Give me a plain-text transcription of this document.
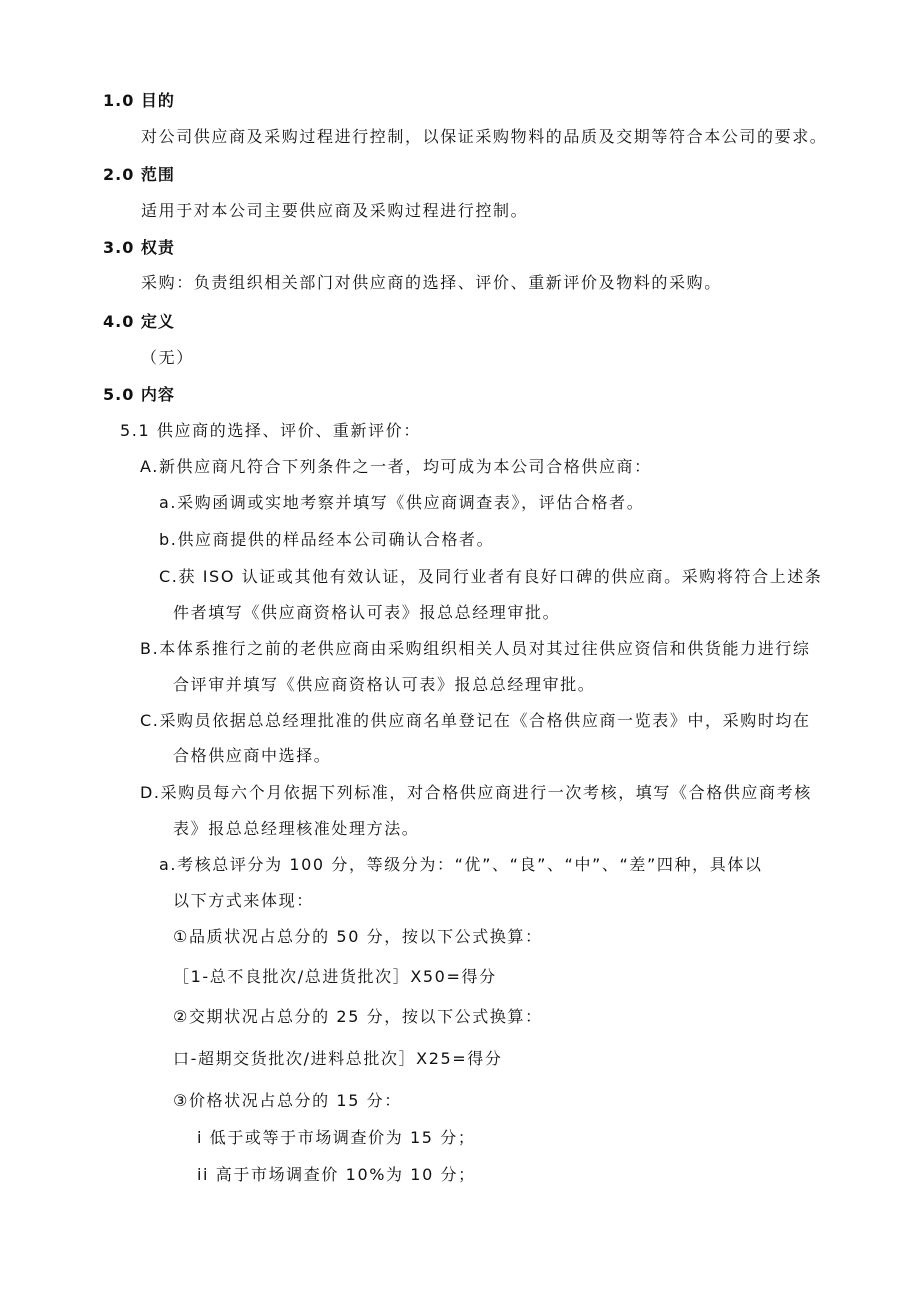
1.0 目的
对公司供应商及采购过程进行控制，以保证采购物料的品质及交期等符合本公司的要求。
2.0 范围
适用于对本公司主要供应商及采购过程进行控制。
3.0 权责
采购：负责组织相关部门对供应商的选择、评价、重新评价及物料的采购。
4.0 定义
（无）
5.0 内容
5.1 供应商的选择、评价、重新评价：
A.新供应商凡符合下列条件之一者，均可成为本公司合格供应商：
a.采购函调或实地考察并填写《供应商调查表》，评估合格者。
b.供应商提供的样品经本公司确认合格者。
C.获 ISO 认证或其他有效认证，及同行业者有良好口碑的供应商。采购将符合上述条
件者填写《供应商资格认可表》报总总经理审批。
B.本体系推行之前的老供应商由采购组织相关人员对其过往供应资信和供货能力进行综
合评审并填写《供应商资格认可表》报总总经理审批。
C.采购员依据总总经理批准的供应商名单登记在《合格供应商一览表》中，采购时均在
合格供应商中选择。
D.采购员每六个月依据下列标准，对合格供应商进行一次考核，填写《合格供应商考核
表》报总总经理核准处理方法。
a.考核总评分为 100 分，等级分为：“优”、“良”、“中”、“差”四种，具体以
以下方式来体现：
①品质状况占总分的 50 分，按以下公式换算：
［1-总不良批次/总进货批次］X50=得分
②交期状况占总分的 25 分，按以下公式换算：
口-超期交货批次/进料总批次］X25=得分
③价格状况占总分的 15 分：
i 低于或等于市场调查价为 15 分；
ii 高于市场调查价 10%为 10 分；
